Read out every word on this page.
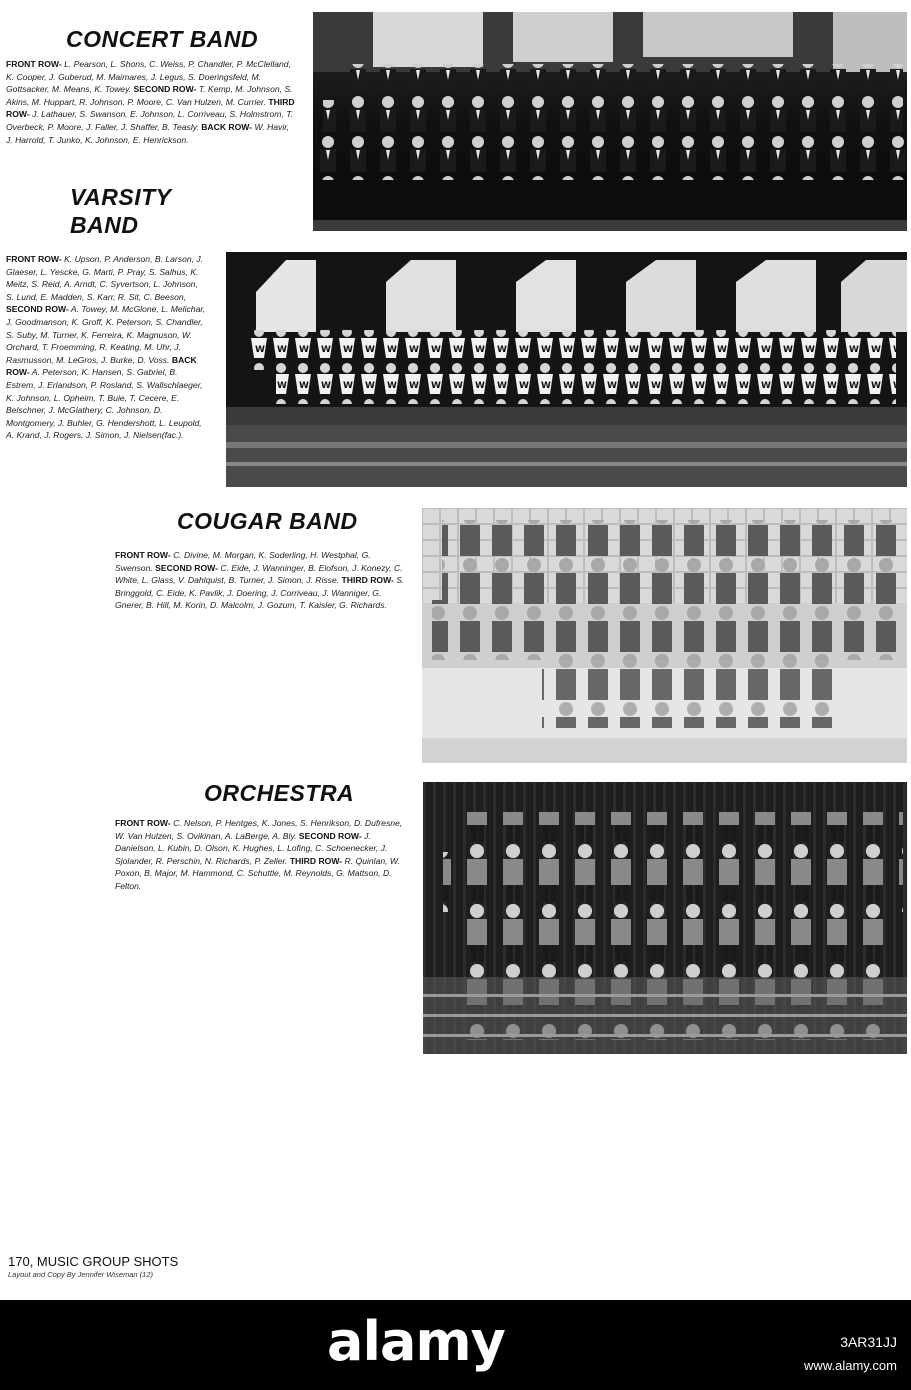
CONCERT BAND

FRONT ROW- L. Pearson, L. Shons, C. Weiss, P. Chandler, P. McClelland, K. Cooper, J. Guberud, M. Maimares, J. Legus, S. Doeringsfeld, M. Gottsacker, M. Means, K. Towey. SECOND ROW- T. Kemp, M. Johnson, S. Akins, M. Huppart, R. Johnson, P. Moore, C. Van Hulzen, M. Currier. THIRD ROW- J. Lathauer, S. Swanson, E. Johnson, L. Corriveau, S. Holmstrom, T. Overbeck, P. Moore, J. Faller, J. Shaffer, B. Teasly. BACK ROW- W. Havir, J. Harrold, T. Junko, K. Johnson, E. Henrickson.

VARSITY
BAND

FRONT ROW- K. Upson, P. Anderson, B. Larson, J. Glaeser, L. Yescke, G. Marti, P. Pray, S. Salhus, K. Meitz, S. Reid, A. Arndt, C. Syvertson, L. Johnson, S. Lund, E. Madden, S. Karr, R. Sit, C. Beeson, SECOND ROW- A. Towey, M. McGlone, L. Melichar, J. Goodmanson, K. Groff, K. Peterson, S. Chandler, S. Suby, M. Turner, K. Ferreira, K. Magnuson, W. Orchard, T. Froemming, R. Keating, M. Uhr, J. Rasmusson, M. LeGros, J. Burke, D. Voss. BACK ROW- A. Peterson, K. Hansen, S. Gabriel, B. Estrem, J. Erlandson, P. Rosland, S. Wallschlaeger, K. Johnson, L. Opheim, T. Buie, T. Cecere, E. Belschner, J. McGlathery, C. Johnson, D. Montgomery, J. Buhler, G. Hendershott, L. Leupold, A. Krand, J. Rogers, J. Simon, J. Nielsen(fac.).

COUGAR BAND

FRONT ROW- C. Divine, M. Morgan, K. Soderling, H. Westphal, G. Swenson. SECOND ROW- C. Eide, J. Wanninger, B. Elofson, J. Konezy, C. White, L. Glass, V. Dahlquist, B. Turner, J. Simon, J. Risse. THIRD ROW- S. Bringgold, C. Eide, K. Pavlik, J. Doering, J. Corriveau, J. Wanniger, G. Gnerer, B. Hill, M. Korin, D. Malcolm, J. Gozum, T. Kaisler, G. Richards.

ORCHESTRA

FRONT ROW- C. Nelson, P. Hentges, K. Jones, S. Henrikson, D. Dufresne, W. Van Hulzen, S. Ovikinan, A. LaBerge, A. Bly. SECOND ROW- J. Danielson, L. Kubin, D. Olson, K. Hughes, L. Lofing, C. Schoenecker, J. Sjolander, R. Perschin, N. Richards, P. Zeller. THIRD ROW- R. Quinlan, W. Poxon, B. Major, M. Hammond, C. Schuttle, M. Reynolds, G. Mattson, D. Felton.

170, MUSIC GROUP SHOTS

Layout and Copy By Jennifer Wiseman (12)

alamy	3AR31JJ

www.alamy.com
